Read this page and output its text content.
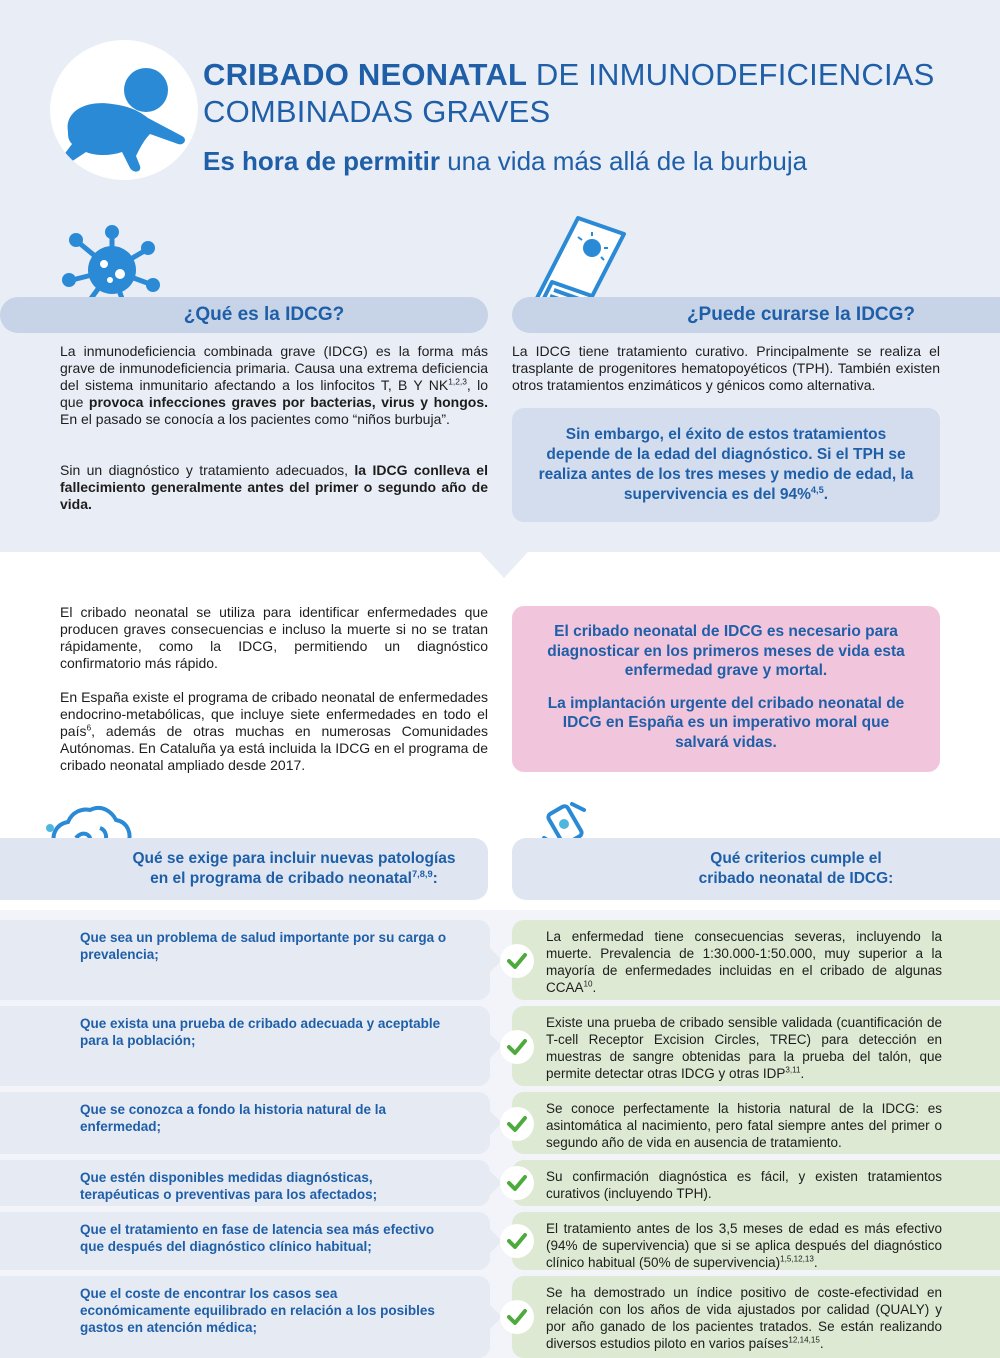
CRIBADO NEONATAL DE INMUNODEFICIENCIAS
COMBINADAS GRAVES
Es hora de permitir una vida más allá de la burbuja
¿Qué es la IDCG?	¿Puede curarse la IDCG?
La inmunodeficiencia combinada grave (IDCG) es la forma más grave de inmunodeficiencia primaria. Causa una extrema deficiencia del sistema inmunitario afectando a los linfocitos T, B Y NK$^{1,2,3}$, lo que provoca infecciones graves por bacterias, virus y hongos. En el pasado se conocía a los pacientes como “niños burbuja”.
Sin un diagnóstico y tratamiento adecuados, la IDCG conlleva el fallecimiento generalmente antes del primer o segundo año de vida.
La IDCG tiene tratamiento curativo. Principalmente se realiza el trasplante de progenitores hematopoyéticos (TPH). También existen otros tratamientos enzimáticos y génicos como alternativa.
Sin embargo, el éxito de estos tratamientos depende de la edad del diagnóstico. Si el TPH se realiza antes de los tres meses y medio de edad, la supervivencia es del 94%$^{4,5}$.
El cribado neonatal se utiliza para identificar enfermedades que producen graves consecuencias e incluso la muerte si no se tratan rápidamente, como la IDCG, permitiendo un diagnóstico confirmatorio más rápido.
En España existe el programa de cribado neonatal de enfermedades endocrino-metabólicas, que incluye siete enfermedades en todo el país$^6$, además de otras muchas en numerosas Comunidades Autónomas. En Cataluña ya está incluida la IDCG en el programa de cribado neonatal ampliado desde 2017.

El cribado neonatal de IDCG es necesario para diagnosticar en los primeros meses de vida esta enfermedad grave y mortal.

La implantación urgente del cribado neonatal de IDCG en España es un imperativo moral que salvará vidas.

Qué se exige para incluir nuevas patologías
en el programa de cribado neonatal$^{7,8,9}$:
Qué criterios cumple el
cribado neonatal de IDCG:
Que sea un problema de salud importante por su carga o prevalencia;
La enfermedad tiene consecuencias severas, incluyendo la muerte. Prevalencia de 1:30.000-1:50.000, muy superior a la mayoría de enfermedades incluidas en el cribado de algunas CCAA$^{10}$.
Que exista una prueba de cribado adecuada y aceptable para la población;
Existe una prueba de cribado sensible validada (cuantificación de T-cell Receptor Excision Circles, TREC) para detección en muestras de sangre obtenidas para la prueba del talón, que permite detectar otras IDCG y otras IDP$^{3,11}$.
Que se conozca a fondo la historia natural de la enfermedad;
Se conoce perfectamente la historia natural de la IDCG: es asintomática al nacimiento, pero fatal siempre antes del primer o segundo año de vida en ausencia de tratamiento.
Que estén disponibles medidas diagnósticas, terapéuticas o preventivas para los afectados;
Su confirmación diagnóstica es fácil, y existen tratamientos curativos (incluyendo TPH).
Que el tratamiento en fase de latencia sea más efectivo que después del diagnóstico clínico habitual;
El tratamiento antes de los 3,5 meses de edad es más efectivo (94% de supervivencia) que si se aplica después del diagnóstico clínico habitual (50% de supervivencia)$^{1,5,12,13}$.
Que el coste de encontrar los casos sea económicamente equilibrado en relación a los posibles gastos en atención médica;
Se ha demostrado un índice positivo de coste-efectividad en relación con los años de vida ajustados por calidad (QUALY) y por año ganado de los pacientes tratados. Se están realizando diversos estudios piloto en varios países$^{12,14,15}$.
